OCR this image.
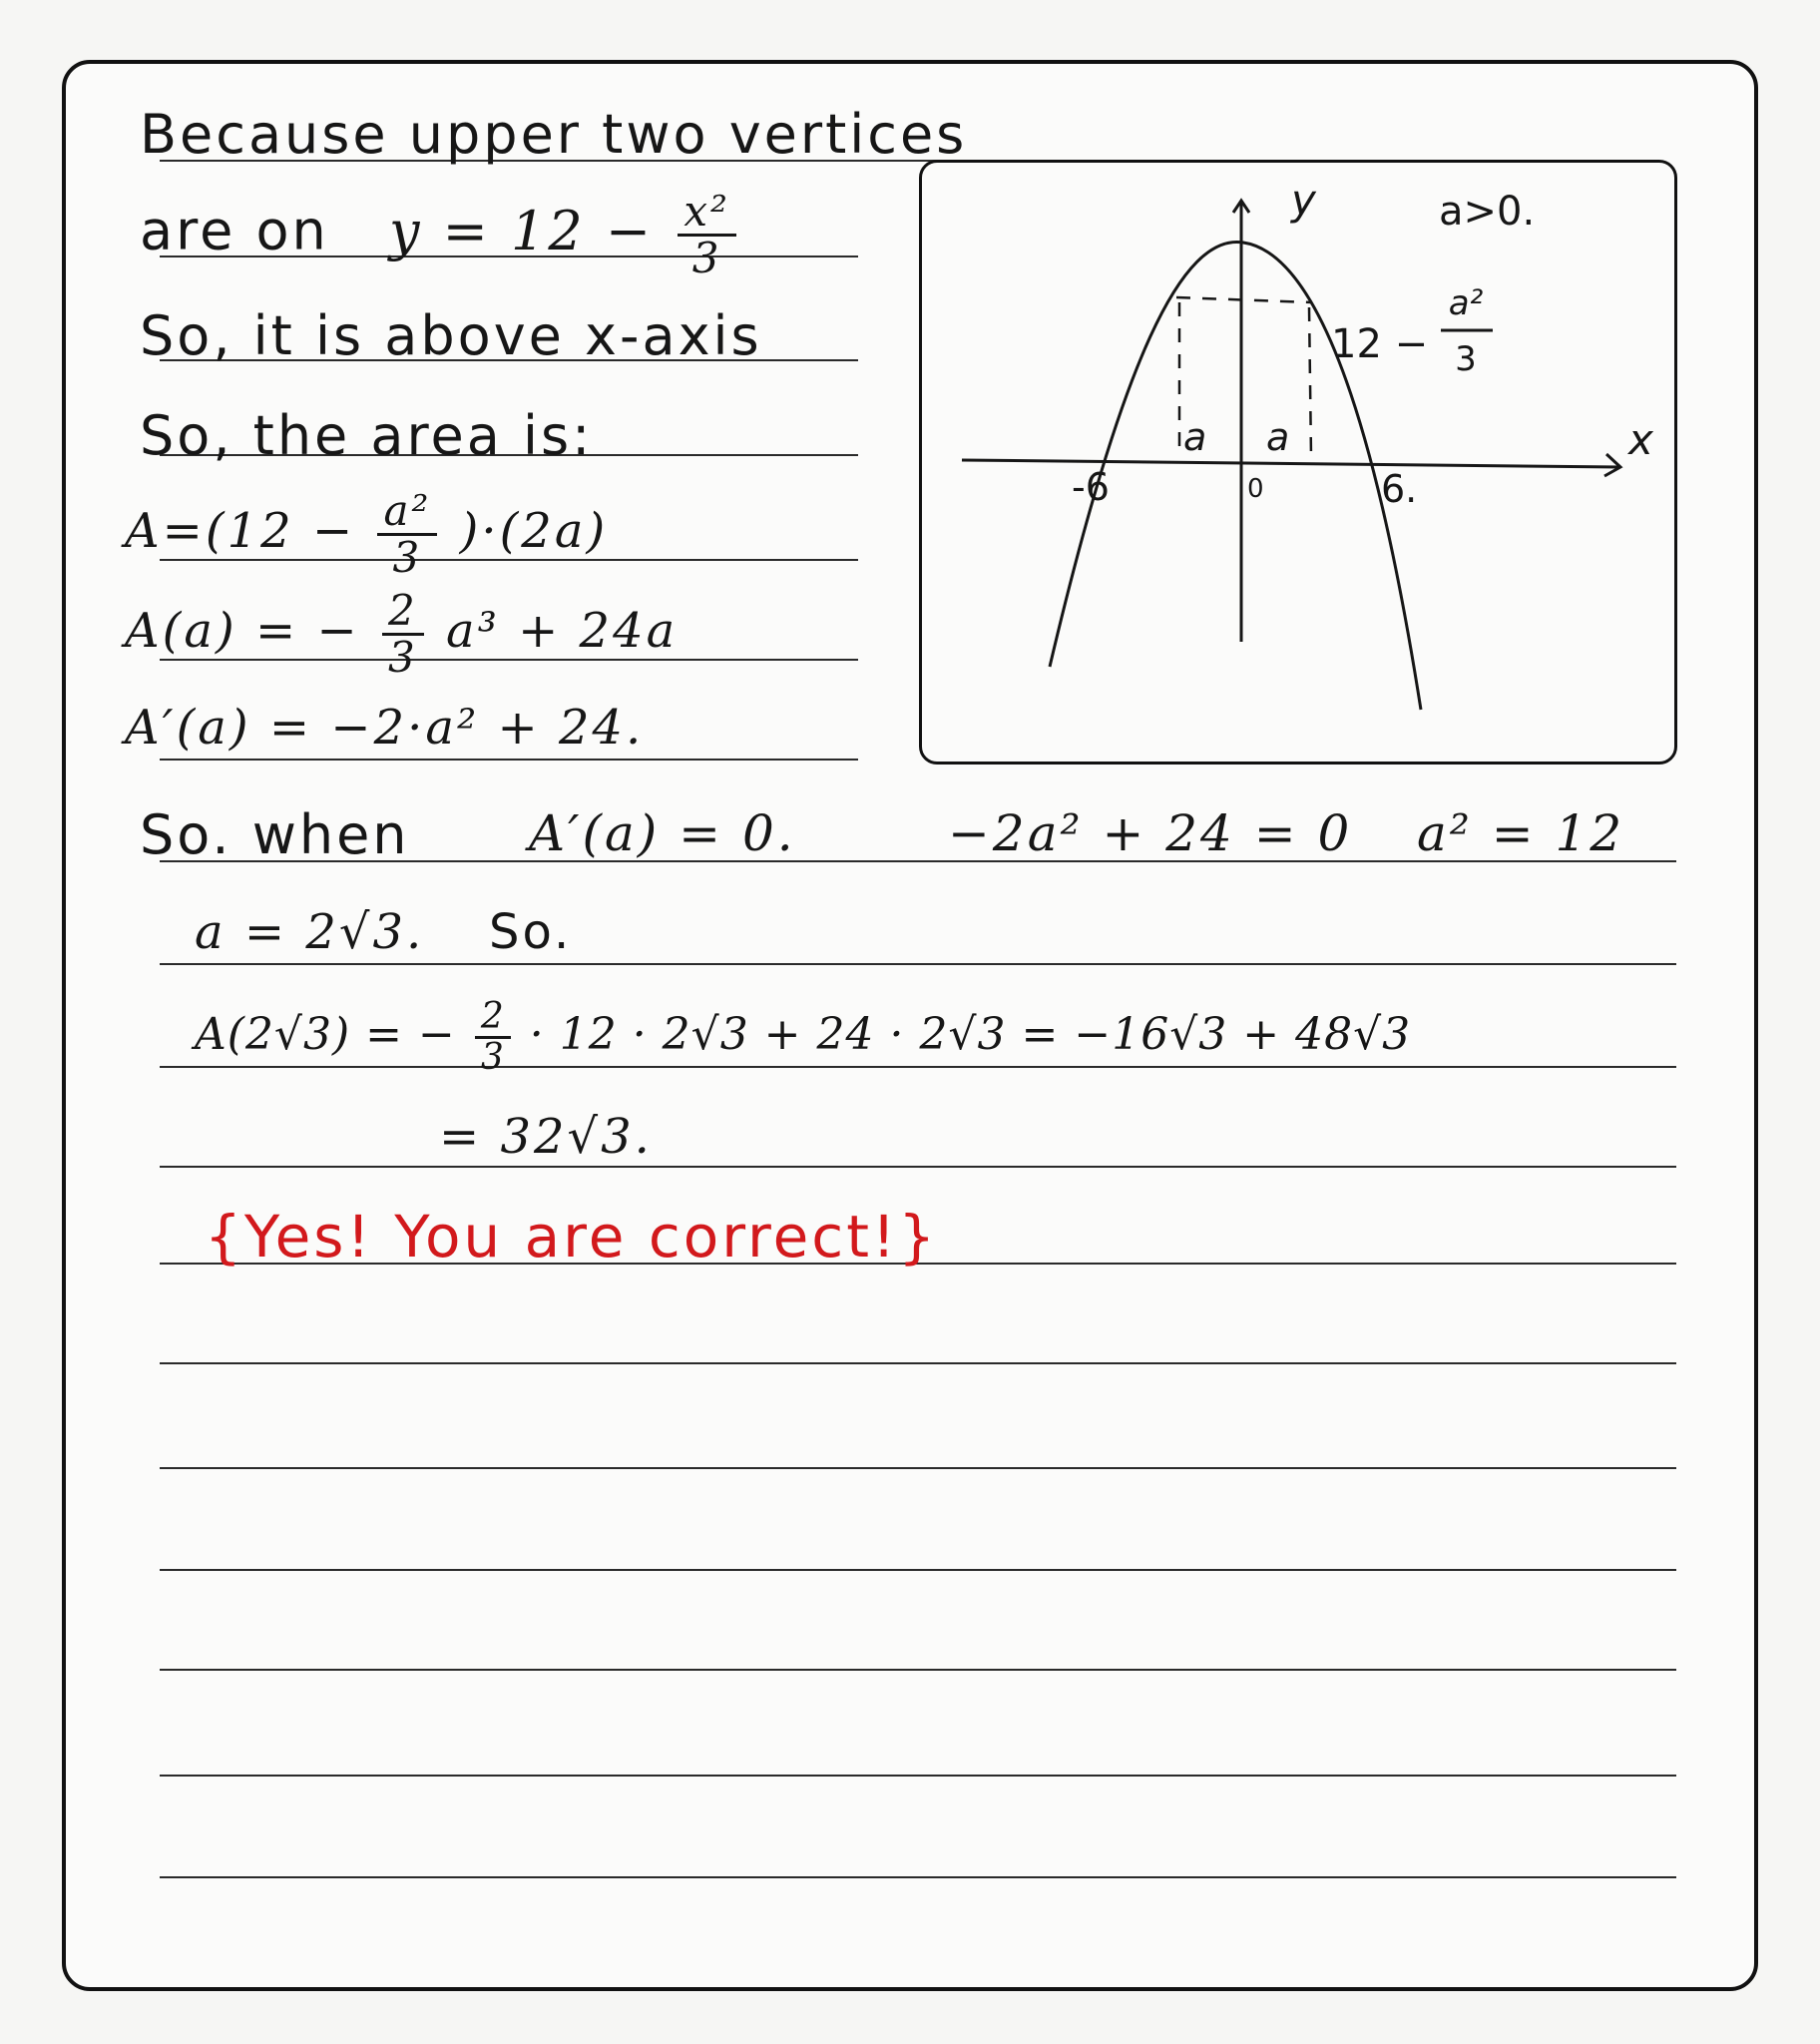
Because upper two vertices
are on $y = 12 - \frac{\text{x²}}{3}$
So, it is above x-axis
So, the area is:
$A=(12 - \frac{\text{a²}}{3} )\cdot(2a)$
A(a) = − $\frac{2}{3} a^3 + 24a$
A′(a) = −2·a² + 24.
So. when A′(a) = 0.	−2a² + 24 = 0 a² = 12
a = 2√3. So.
A(2√3) = − $\frac{2}{3} \cdot 12 \cdot 2√3 + 24 \cdot 2√3 = -16√3 + 48√3$
= 32√3.
{Yes! You are correct!}
y
x
a>0.
12 −
a²
3
a a
0
-6	6.
